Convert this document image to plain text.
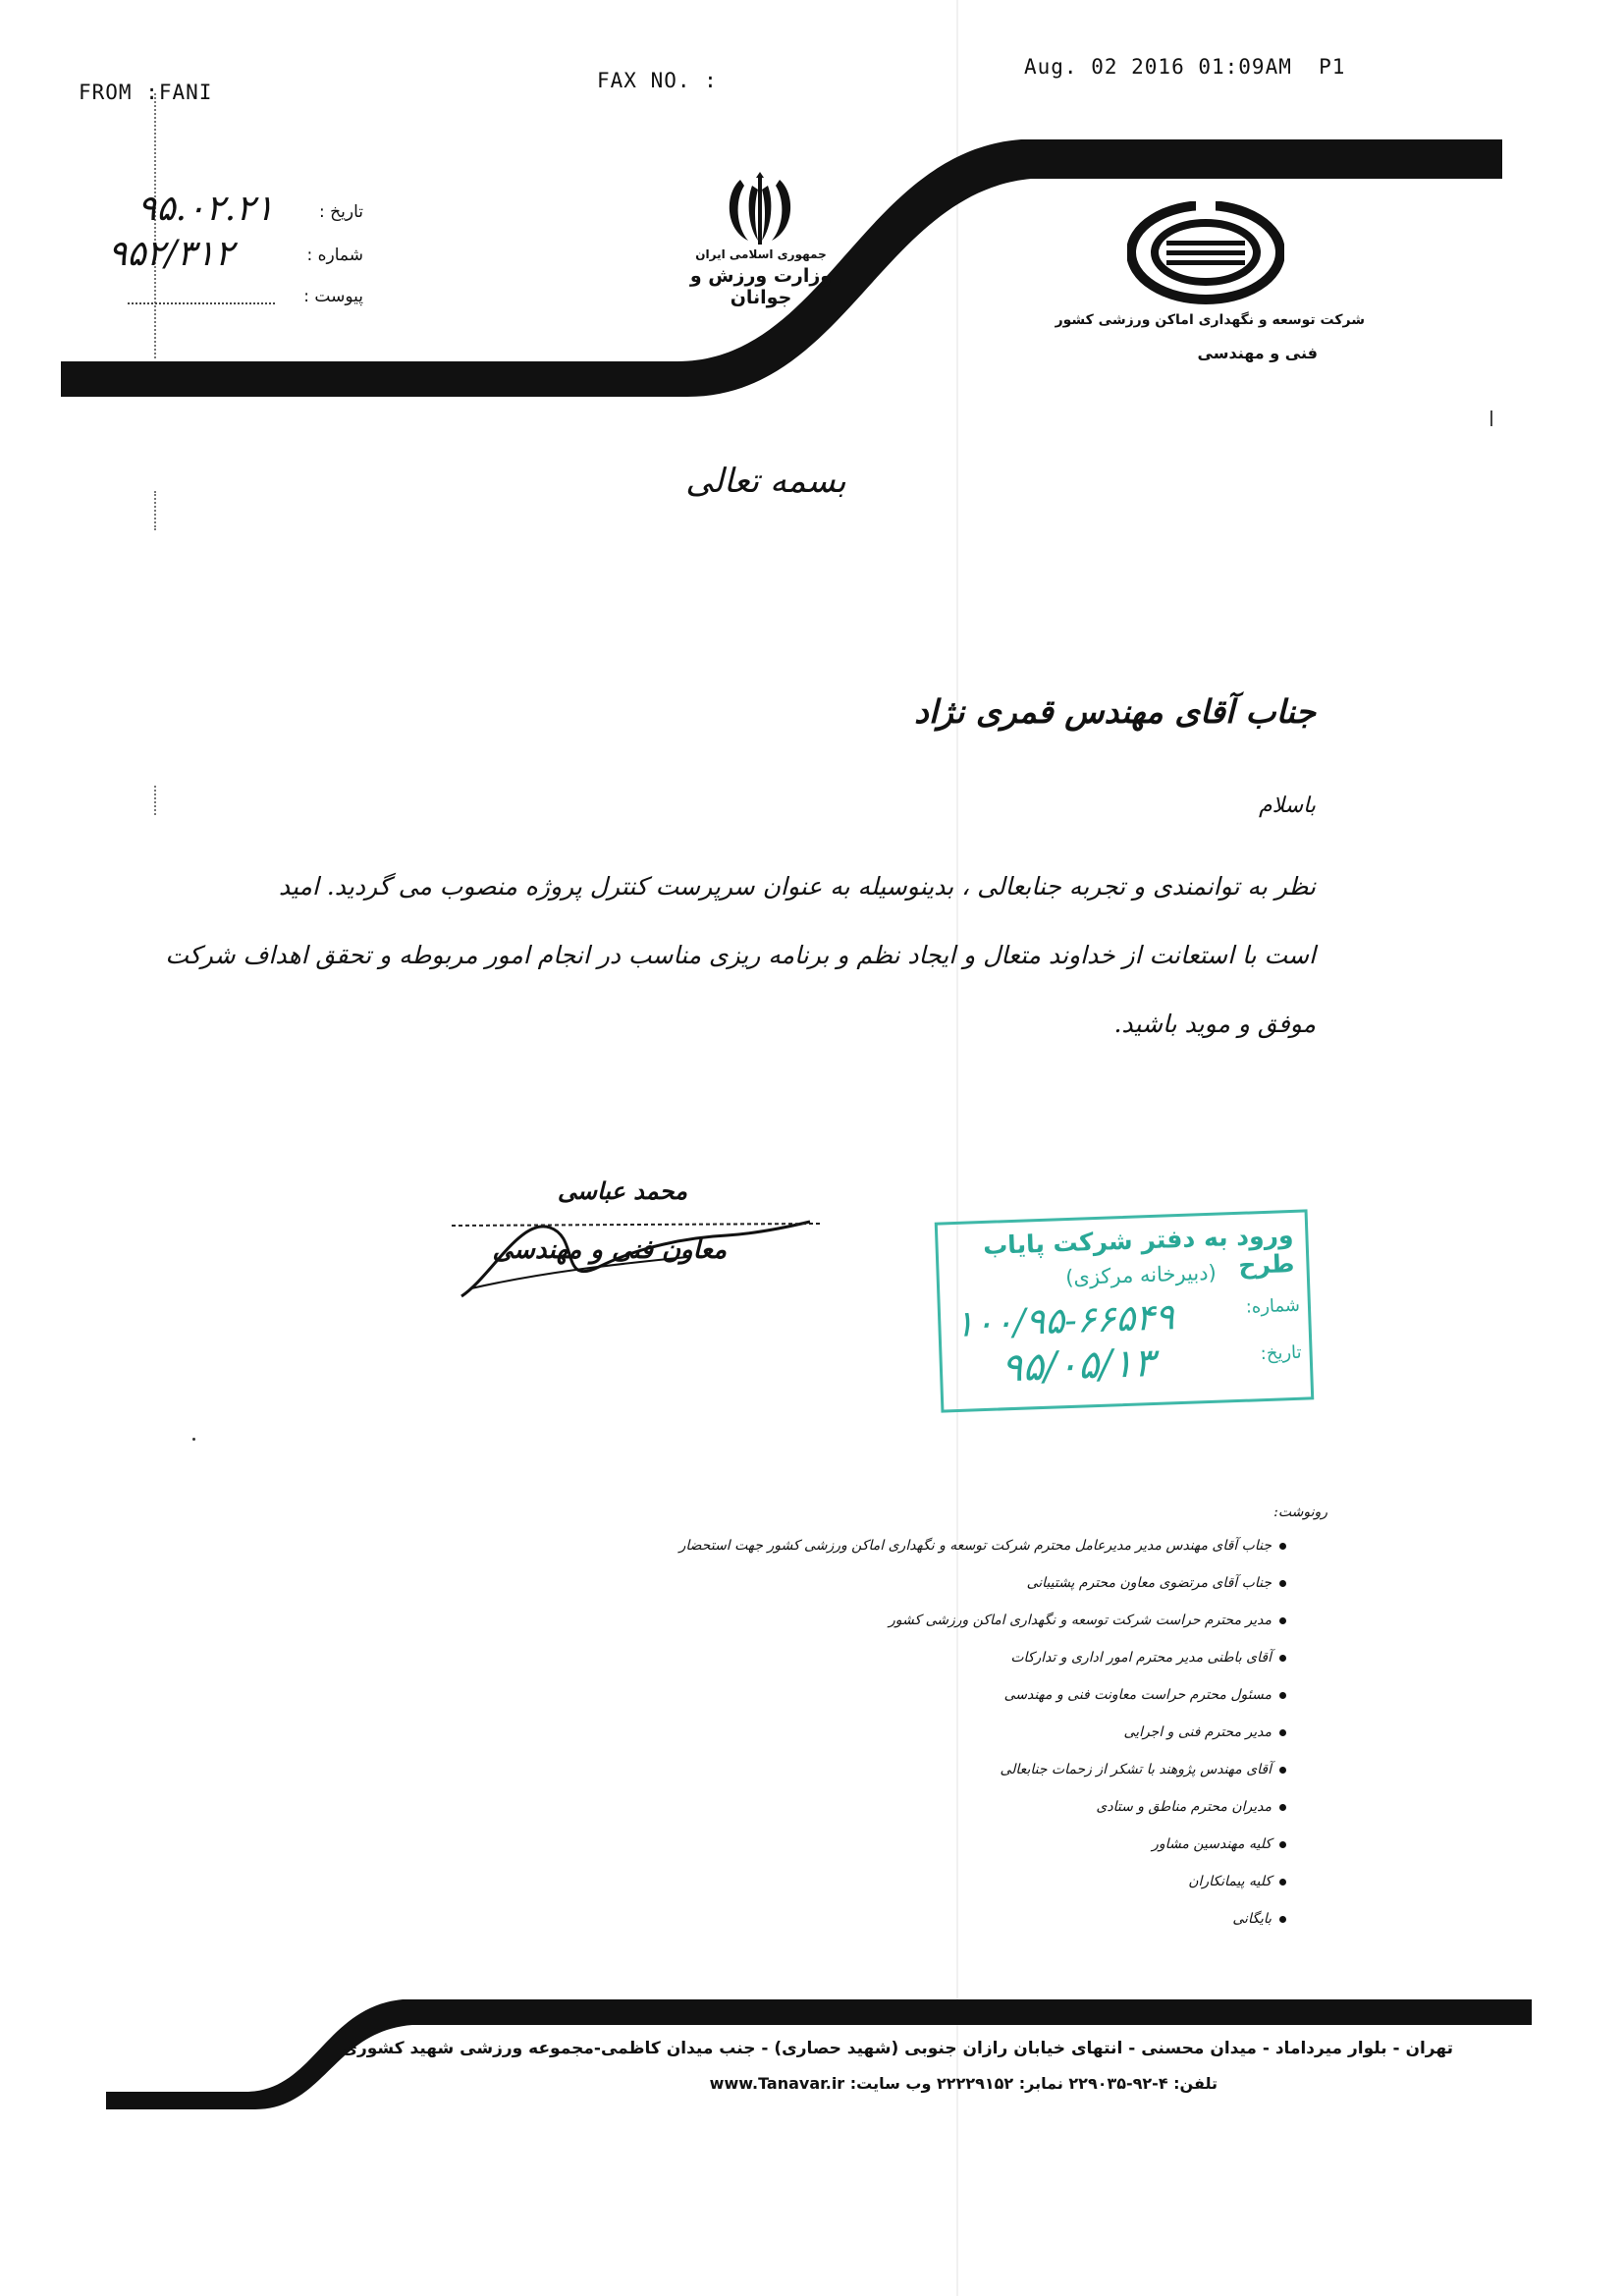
FROM :FANI	FAX NO. :
Aug. 02 2016 01:09AM  P1
تاریخ :
۹۵.۰۲.۲۱
شماره :
۹۵۲/۳۱۲
پیوست :
جمهوری اسلامی ایران
وزارت ورزش و جوانان
شرکت توسعه و نگهداری اماکن ورزشی کشور
فنی و مهندسی
بسمه تعالی
جناب آقای مهندس قمری نژاد
باسلام
نظر به توانمندی و تجربه جنابعالی ، بدینوسیله به عنوان سرپرست کنترل پروژه منصوب می گردید. امید
است با استعانت از خداوند متعال و ایجاد نظم و برنامه ریزی مناسب در انجام امور مربوطه و تحقق اهداف شرکت
موفق و موید باشید.
محمد عباسی
معاون فنی و مهندسی	ورود به دفتر شرکت پایاب طرح
(دبیرخانه مرکزی)
شماره:
تاریخ:
۱۰۰/۹۵-۶۶۵۴۹
۹۵/۰۵/۱۳
رونوشت:
جناب آقای مهندس مدیر مدیرعامل محترم شرکت توسعه و نگهداری اماکن ورزشی کشور جهت استحضار
جناب آقای مرتضوی معاون محترم پشتیبانی
مدیر محترم حراست شرکت توسعه و نگهداری اماکن ورزشی کشور
آقای باطنی مدیر محترم امور اداری و تدارکات
مسئول محترم حراست معاونت فنی و مهندسی
مدیر محترم فنی و اجرایی
آقای مهندس پژوهند با تشکر از زحمات جنابعالی
مدیران محترم مناطق و ستادی
کلیه مهندسین مشاور
کلیه پیمانکاران
بایگانی
تهران - بلوار میرداماد - میدان محسنی - انتهای خیابان رازان جنوبی (شهید حصاری) - جنب میدان کاظمی-مجموعه ورزشی شهید کشوری
تلفن: ۴-۹۲-۲۲۹۰۳۵ نمابر: ۲۲۲۲۹۱۵۲ وب سایت: www.Tanavar.ir
